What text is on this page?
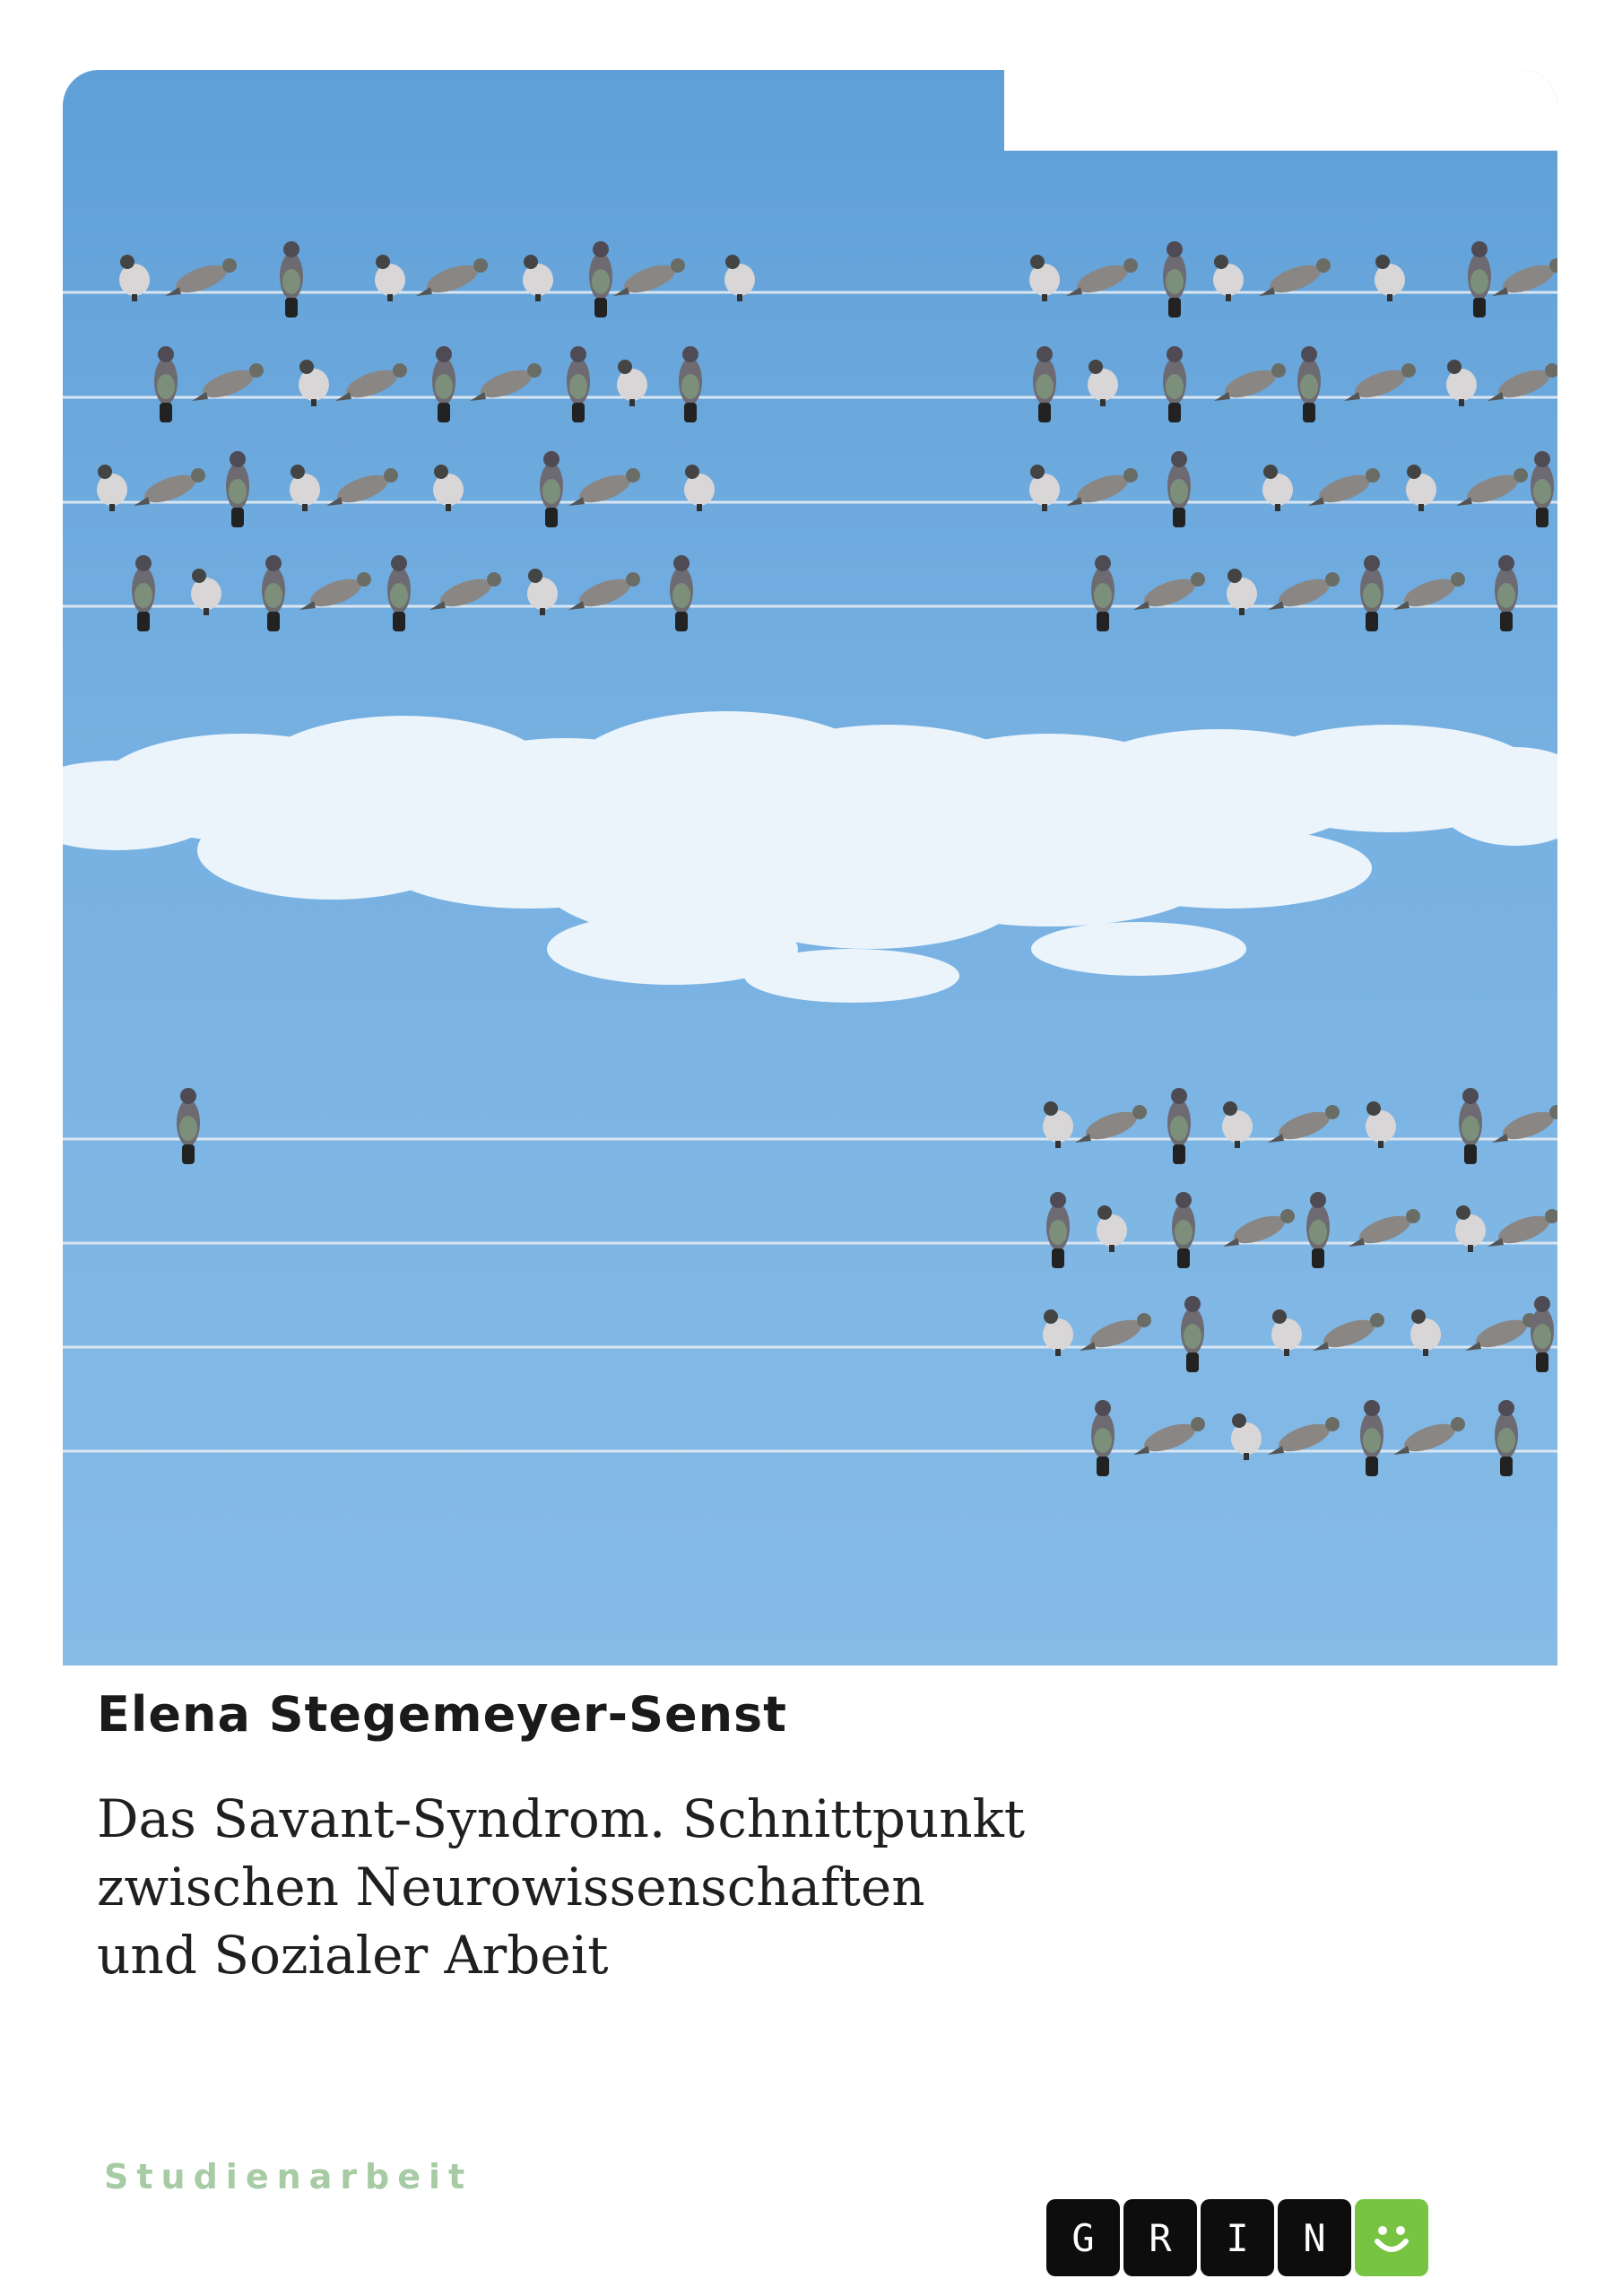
Elena Stegemeyer-Senst
Das Savant-Syndrom. Schnittpunkt
zwischen Neurowissenschaften
und Sozialer Arbeit
Studienarbeit
G	R	I	N
